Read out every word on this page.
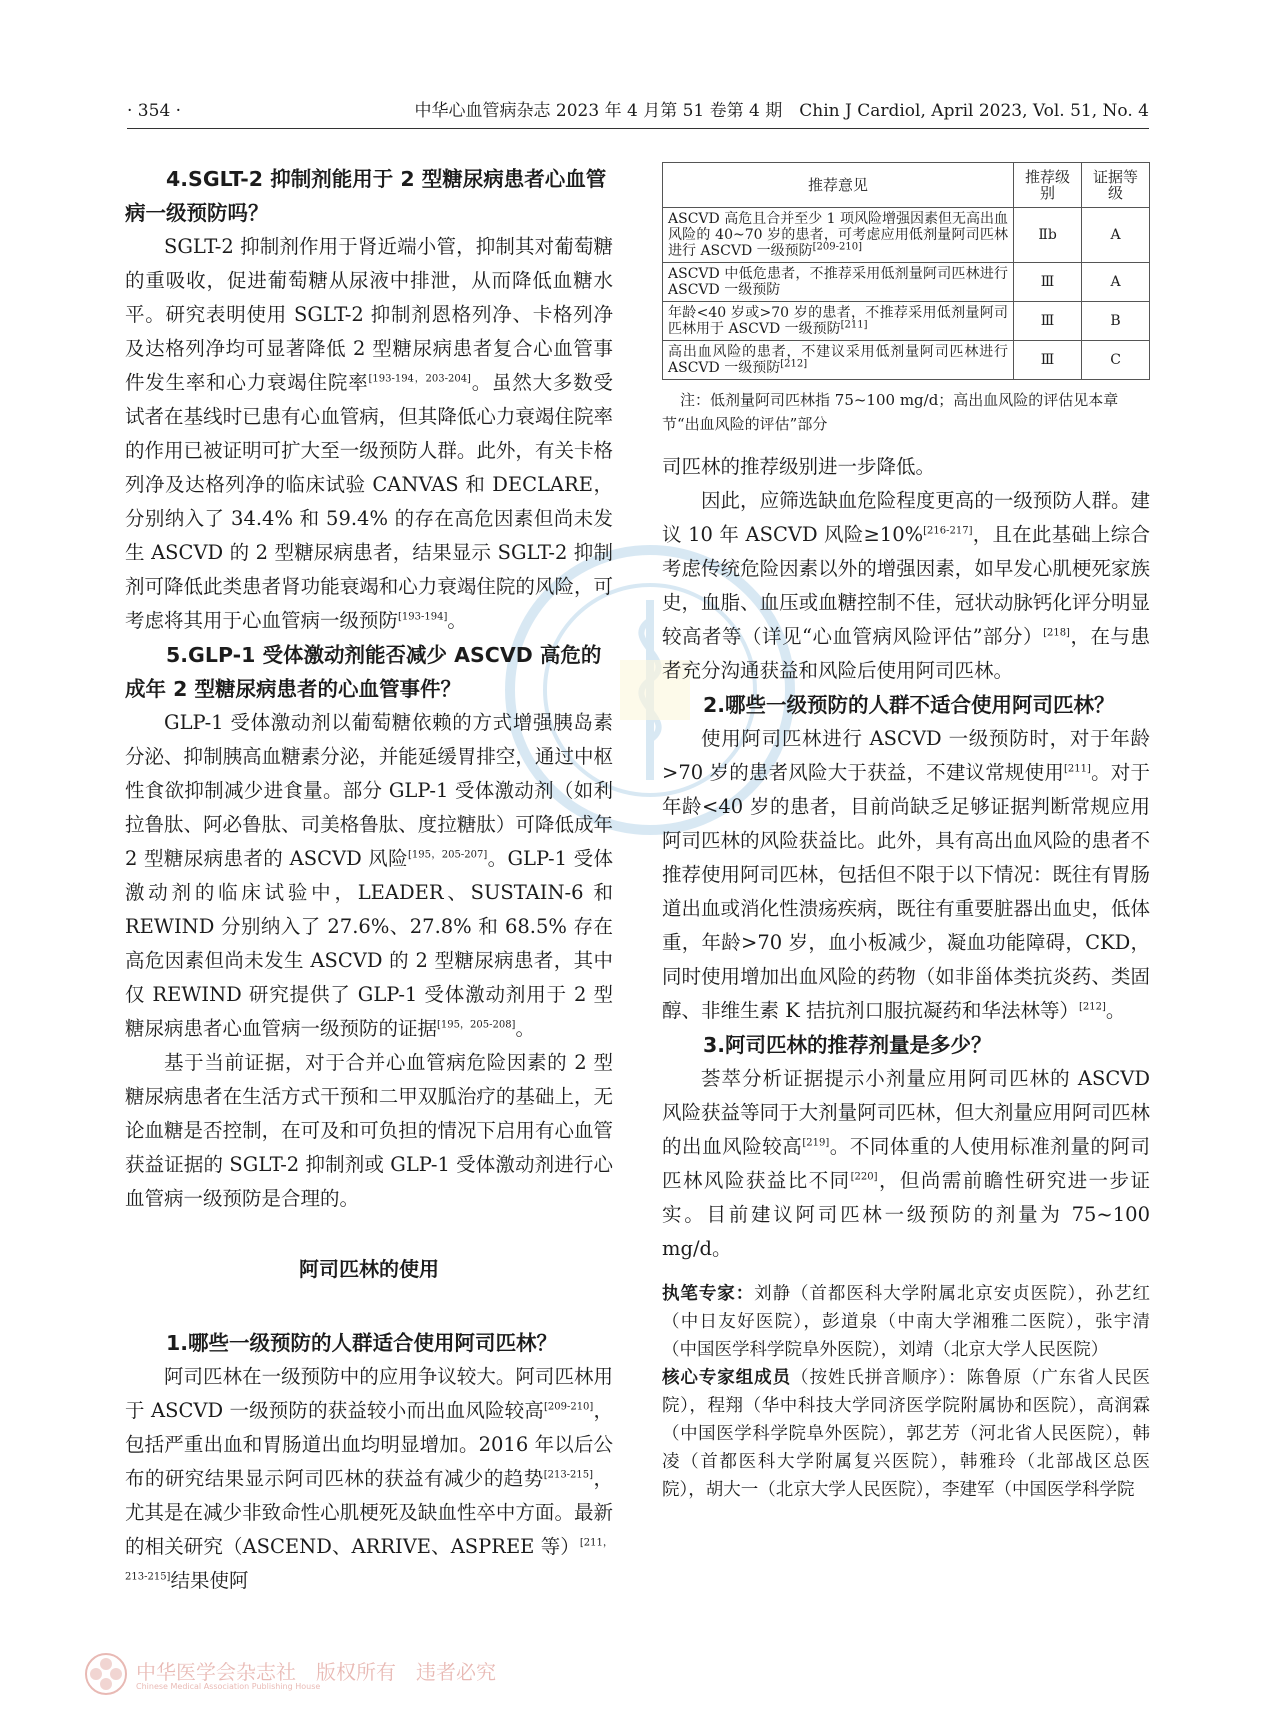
· 354 ·	中华心血管病杂志 2023 年 4 月第 51 卷第 4 期　Chin J Cardiol, April 2023, Vol. 51, No. 4

4.SGLT-2 抑制剂能用于 2 型糖尿病患者心血管病一级预防吗？

SGLT-2 抑制剂作用于肾近端小管，抑制其对葡萄糖的重吸收，促进葡萄糖从尿液中排泄，从而降低血糖水平。研究表明使用 SGLT-2 抑制剂恩格列净、卡格列净及达格列净均可显著降低 2 型糖尿病患者复合心血管事件发生率和心力衰竭住院率[193-194，203-204]。虽然大多数受试者在基线时已患有心血管病，但其降低心力衰竭住院率的作用已被证明可扩大至一级预防人群。此外，有关卡格列净及达格列净的临床试验 CANVAS 和 DECLARE，分别纳入了 34.4% 和 59.4% 的存在高危因素但尚未发生 ASCVD 的 2 型糖尿病患者，结果显示 SGLT-2 抑制剂可降低此类患者肾功能衰竭和心力衰竭住院的风险，可考虑将其用于心血管病一级预防[193-194]。

5.GLP-1 受体激动剂能否减少 ASCVD 高危的成年 2 型糖尿病患者的心血管事件？

GLP-1 受体激动剂以葡萄糖依赖的方式增强胰岛素分泌、抑制胰高血糖素分泌，并能延缓胃排空，通过中枢性食欲抑制减少进食量。部分 GLP-1 受体激动剂（如利拉鲁肽、阿必鲁肽、司美格鲁肽、度拉糖肽）可降低成年 2 型糖尿病患者的 ASCVD 风险[195，205-207]。GLP-1 受体激动剂的临床试验中，LEADER、SUSTAIN-6 和 REWIND 分别纳入了 27.6%、27.8% 和 68.5% 存在高危因素但尚未发生 ASCVD 的 2 型糖尿病患者，其中仅 REWIND 研究提供了 GLP-1 受体激动剂用于 2 型糖尿病患者心血管病一级预防的证据[195，205-208]。

基于当前证据，对于合并心血管病危险因素的 2 型糖尿病患者在生活方式干预和二甲双胍治疗的基础上，无论血糖是否控制，在可及和可负担的情况下启用有心血管获益证据的 SGLT-2 抑制剂或 GLP-1 受体激动剂进行心血管病一级预防是合理的。

阿司匹林的使用

1.哪些一级预防的人群适合使用阿司匹林？

阿司匹林在一级预防中的应用争议较大。阿司匹林用于 ASCVD 一级预防的获益较小而出血风险较高[209-210]，包括严重出血和胃肠道出血均明显增加。2016 年以后公布的研究结果显示阿司匹林的获益有减少的趋势[213-215]，尤其是在减少非致命性心肌梗死及缺血性卒中方面。最新的相关研究（ASCEND、ARRIVE、ASPREE 等）[211，213-215]结果使阿

推荐意见	推荐级别	证据等级
ASCVD 高危且合并至少 1 项风险增强因素但无高出血风险的 40~70 岁的患者，可考虑应用低剂量阿司匹林进行 ASCVD 一级预防[209-210]	Ⅱb	A
ASCVD 中低危患者，不推荐采用低剂量阿司匹林进行 ASCVD 一级预防	Ⅲ	A
年龄<40 岁或>70 岁的患者，不推荐采用低剂量阿司匹林用于 ASCVD 一级预防[211]	Ⅲ	B
高出血风险的患者，不建议采用低剂量阿司匹林进行 ASCVD 一级预防[212]	Ⅲ	C

注：低剂量阿司匹林指 75~100 mg/d；高出血风险的评估见本章节“出血风险的评估”部分

司匹林的推荐级别进一步降低。

因此，应筛选缺血危险程度更高的一级预防人群。建议 10 年 ASCVD 风险≥10%[216-217]，且在此基础上综合考虑传统危险因素以外的增强因素，如早发心肌梗死家族史，血脂、血压或血糖控制不佳，冠状动脉钙化评分明显较高者等（详见“心血管病风险评估”部分）[218]，在与患者充分沟通获益和风险后使用阿司匹林。

2.哪些一级预防的人群不适合使用阿司匹林？

使用阿司匹林进行 ASCVD 一级预防时，对于年龄>70 岁的患者风险大于获益，不建议常规使用[211]。对于年龄<40 岁的患者，目前尚缺乏足够证据判断常规应用阿司匹林的风险获益比。此外，具有高出血风险的患者不推荐使用阿司匹林，包括但不限于以下情况：既往有胃肠道出血或消化性溃疡疾病，既往有重要脏器出血史，低体重，年龄>70 岁，血小板减少，凝血功能障碍，CKD，同时使用增加出血风险的药物（如非甾体类抗炎药、类固醇、非维生素 K 拮抗剂口服抗凝药和华法林等）[212]。

3.阿司匹林的推荐剂量是多少？

荟萃分析证据提示小剂量应用阿司匹林的 ASCVD 风险获益等同于大剂量阿司匹林，但大剂量应用阿司匹林的出血风险较高[219]。不同体重的人使用标准剂量的阿司匹林风险获益比不同[220]，但尚需前瞻性研究进一步证实。目前建议阿司匹林一级预防的剂量为 75~100 mg/d。

执笔专家：刘静（首都医科大学附属北京安贞医院），孙艺红（中日友好医院），彭道泉（中南大学湘雅二医院），张宇清（中国医学科学院阜外医院），刘靖（北京大学人民医院）
核心专家组成员（按姓氏拼音顺序）：陈鲁原（广东省人民医院），程翔（华中科技大学同济医学院附属协和医院），高润霖（中国医学科学院阜外医院），郭艺芳（河北省人民医院），韩凌（首都医科大学附属复兴医院），韩雅玲（北部战区总医院），胡大一（北京大学人民医院），李建军（中国医学科学院
中华医学会杂志社　 版权所有　违者必究
Chinese Medical Association Publishing House
